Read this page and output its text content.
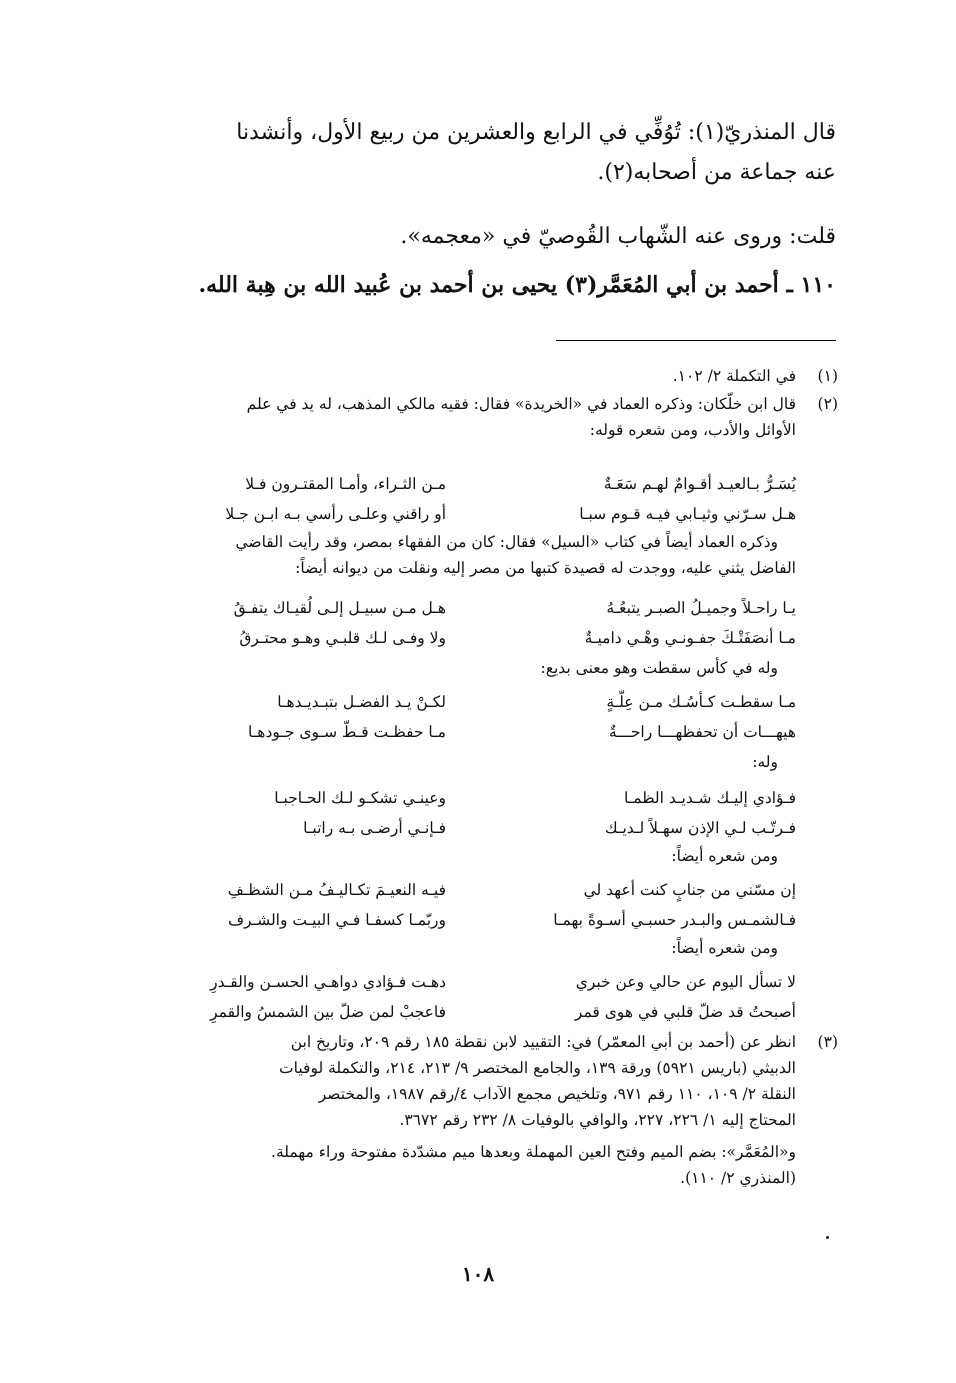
قال المنذريّ(١): تُوُفِّي في الرابع والعشرين من ربيع الأول، وأنشدنا

عنه جماعة من أصحابه(٢).

قلت: وروى عنه الشّهاب القُوصيّ في «معجمه».

١١٠ ـ أحمد بن أبي المُعَمَّر(٣) يحيى بن أحمد بن عُبيد الله بن هِبة الله.

(١)
في التكملة ٢/ ١٠٢.
(٢)
قال ابن خلّكان: وذكره العماد في «الخريدة» فقال: فقيه مالكي المذهب، له يد في علم
الأوائل والأدب، ومن شعره قوله:
يُسَـرُّ بـالعيـد أقـوامٌ لهـم سَعَـةٌ
مـن الثـراء، وأمـا المقتـرون فـلا
هـل سـرّني وثيـابي فيـه قـوم سبـا
أو راقني وعلـى رأسي بـه ابـن جـلا
وذكره العماد أيضاً في كتاب «السيل» فقال: كان من الفقهاء بمصر، وقد رأيت القاضي
الفاضل يثني عليه، ووجدت له قصيدة كتبها من مصر إليه ونقلت من ديوانه أيضاً:
يـا راحـلاً وجميـلُ الصبـر يتبعُـهُ
هـل مـن سبيـل إلـى لُقيـاك يتفـقُ
مـا أنصَفَتْـكَ جفـونـي وهْـي داميـةٌ
ولا وفـى لـك قلبـي وهـو محتـرقُ
وله في كأس سقطت وهو معنى بديع:
مـا سقطـت كـأسُـك مـن عِلّـةٍ
لكـنْ يـد الفضـل بتبـديـدهـا
هيهـــات أن تحفظهـــا راحـــةٌ
مـا حفظـت قـطّ سـوى جـودهـا
وله:
فـؤادي إليـك شـديـد الظمـا
وعينـي تشكـو لـك الحـاجبـا
فـرتّـب لـي الإذن سهـلاً لـديـك
فـإنـي أرضـى بـه راتبـا
ومن شعره أيضاً:
إن مسّني من جنابٍ كنت أعهد لي
فيـه النعيـمَ تكـاليـفُ مـن الشظـفِ
فـالشمـس والبـدر حسبـي أسـوةً بهمـا
وربّمـا كسفـا فـي البيـت والشـرف
ومن شعره أيضاً:
لا تسأل اليوم عن حالي وعن خبري
دهـت فـؤادي دواهـي الحسـن والقـدرِ
أصبحتُ قد ضلّ قلبي في هوى قمر
فاعجبْ لمن ضلّ بين الشمسُ والقمرِ
(٣)
انظر عن (أحمد بن أبي المعمّر) في: التقييد لابن نقطة ١٨٥ رقم ٢٠٩، وتاريخ ابن
الدبيثي (باريس ٥٩٢١) ورقة ١٣٩، والجامع المختصر ٩/ ٢١٣، ٢١٤، والتكملة لوفيات
النقلة ٢/ ١٠٩، ١١٠ رقم ٩٧١، وتلخيص مجمع الآداب ٤/رقم ١٩٨٧، والمختصر
المحتاج إليه ١/ ٢٢٦، ٢٢٧، والوافي بالوفيات ٨/ ٢٣٢ رقم ٣٦٧٢.
و«المُعَمَّر»: بضم الميم وفتح العين المهملة وبعدها ميم مشدّدة مفتوحة وراء مهملة.
(المنذري ٢/ ١١٠).
١٠٨
